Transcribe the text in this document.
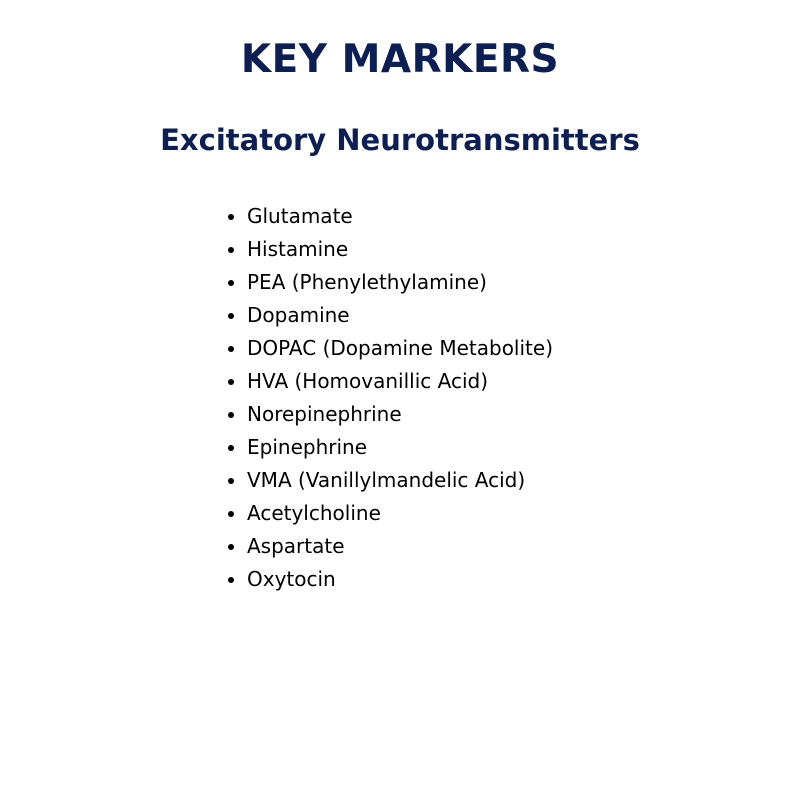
KEY MARKERS
Excitatory Neurotransmitters
Glutamate
Histamine
PEA (Phenylethylamine)
Dopamine
DOPAC (Dopamine Metabolite)
HVA (Homovanillic Acid)
Norepinephrine
Epinephrine
VMA (Vanillylmandelic Acid)
Acetylcholine
Aspartate
Oxytocin
